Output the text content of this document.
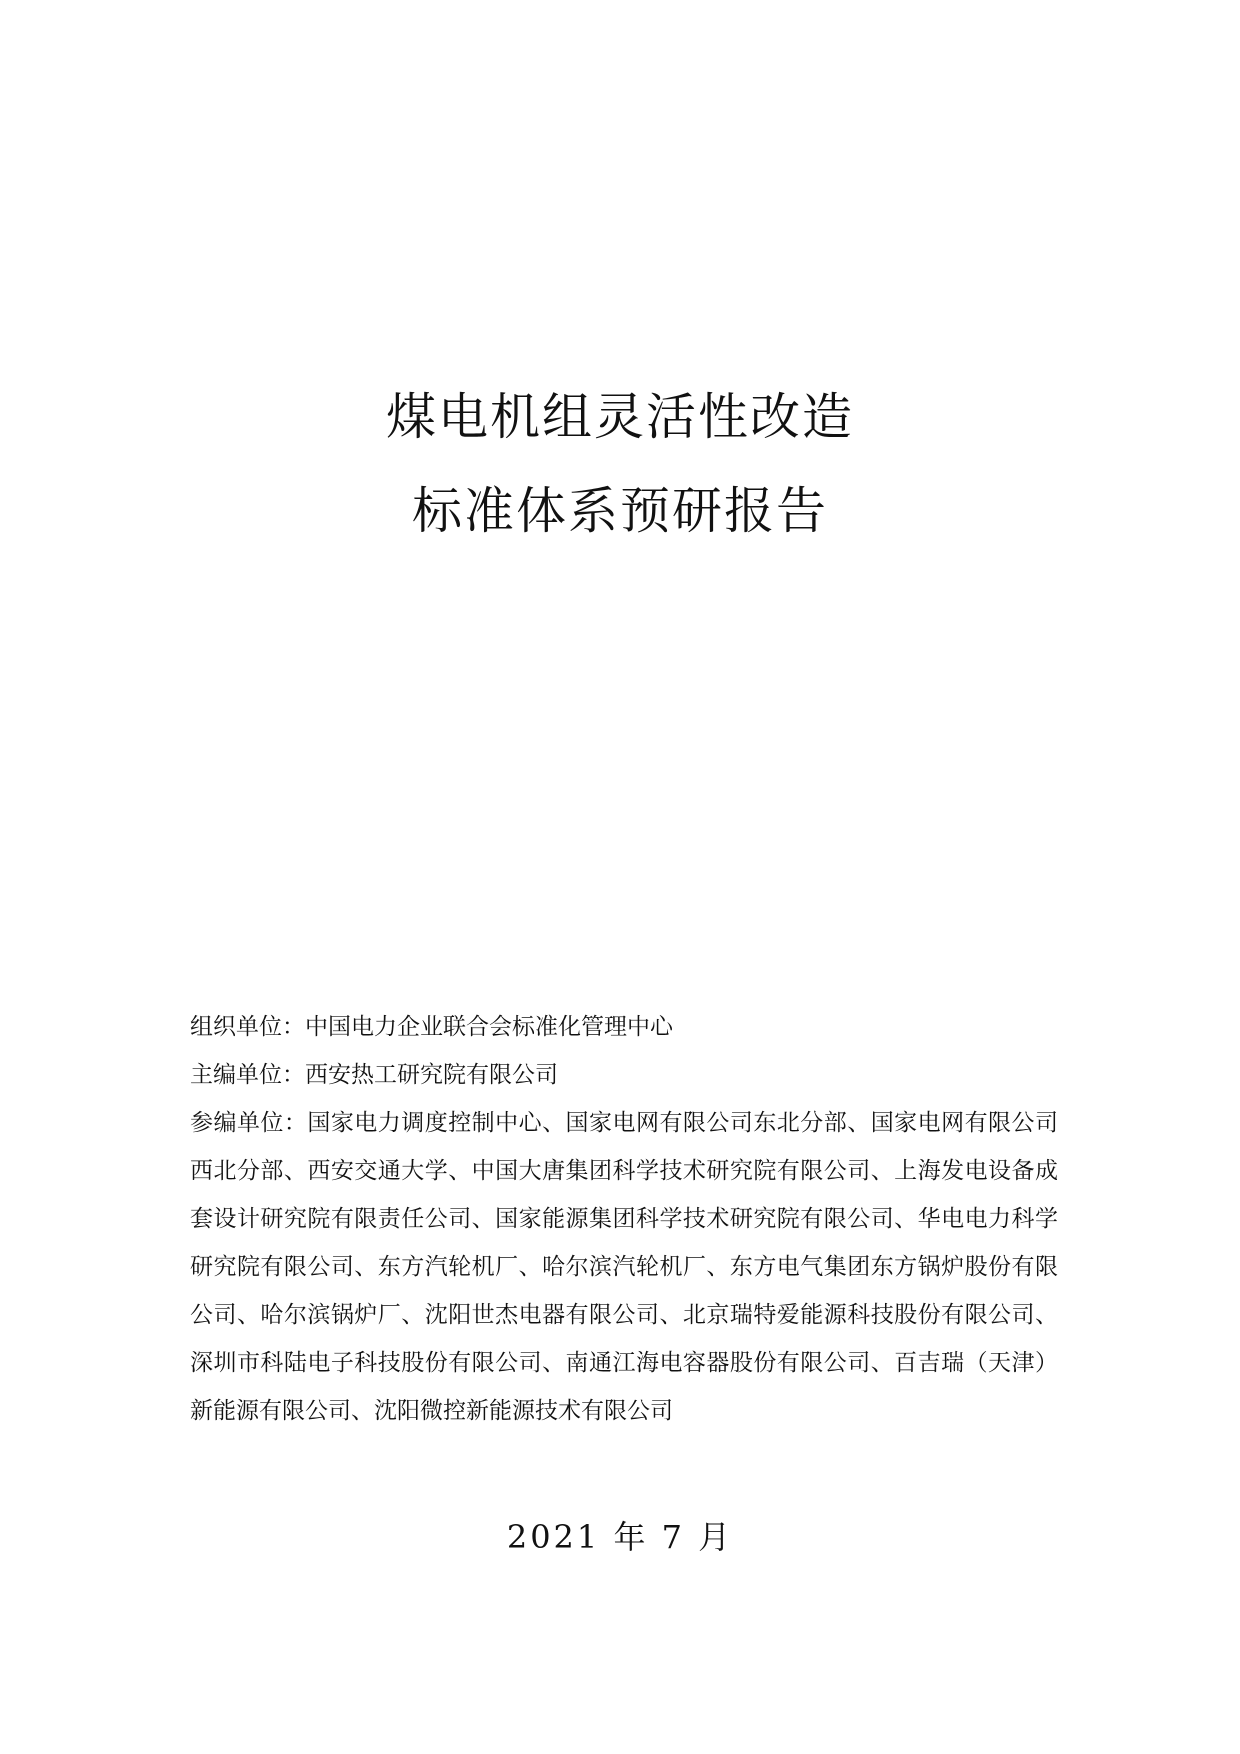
煤电机组灵活性改造
标准体系预研报告

组织单位：中国电力企业联合会标准化管理中心

主编单位：西安热工研究院有限公司

参编单位：国家电力调度控制中心、国家电网有限公司东北分部、国家电网有限公司西北分部、西安交通大学、中国大唐集团科学技术研究院有限公司、上海发电设备成套设计研究院有限责任公司、国家能源集团科学技术研究院有限公司、华电电力科学研究院有限公司、东方汽轮机厂、哈尔滨汽轮机厂、东方电气集团东方锅炉股份有限公司、哈尔滨锅炉厂、沈阳世杰电器有限公司、北京瑞特爱能源科技股份有限公司、深圳市科陆电子科技股份有限公司、南通江海电容器股份有限公司、百吉瑞（天津）新能源有限公司、沈阳微控新能源技术有限公司

2021 年 7 月
